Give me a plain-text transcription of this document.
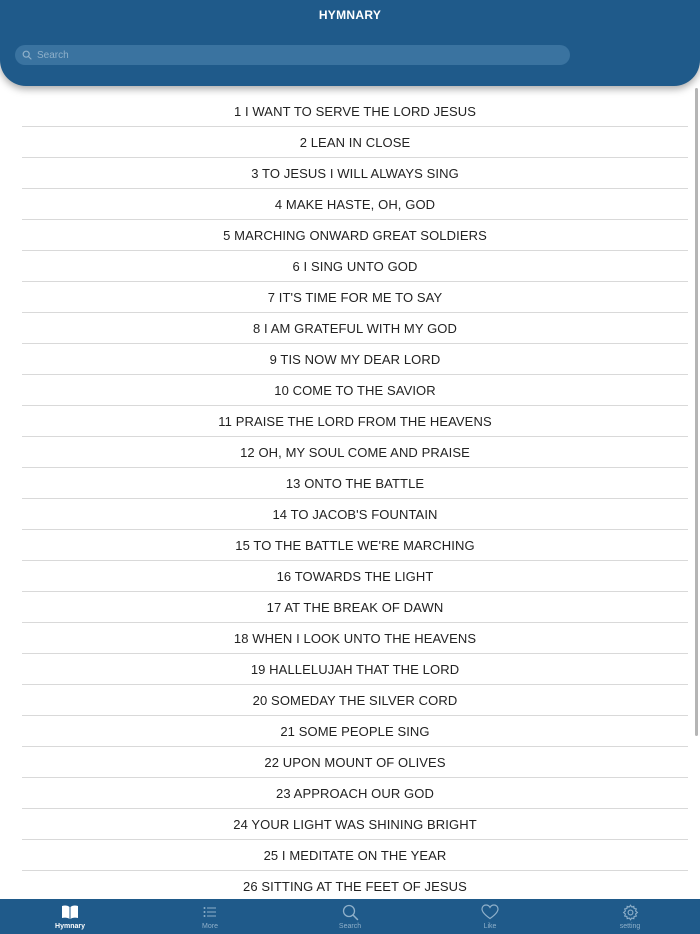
HYMNARY
Search
1 I WANT TO SERVE THE LORD JESUS
2 LEAN IN CLOSE
3 TO JESUS I WILL ALWAYS SING
4 MAKE HASTE, OH, GOD
5 MARCHING ONWARD GREAT SOLDIERS
6 I SING UNTO GOD
7 IT'S TIME FOR ME TO SAY
8 I AM GRATEFUL WITH MY GOD
9 TIS NOW MY DEAR LORD
10 COME TO THE SAVIOR
11 PRAISE THE LORD FROM THE HEAVENS
12 OH, MY SOUL COME AND PRAISE
13 ONTO THE BATTLE
14 TO JACOB'S FOUNTAIN
15 TO THE BATTLE WE'RE MARCHING
16 TOWARDS THE LIGHT
17 AT THE BREAK OF DAWN
18 WHEN I LOOK UNTO THE HEAVENS
19 HALLELUJAH THAT THE LORD
20 SOMEDAY THE SILVER CORD
21 SOME PEOPLE SING
22 UPON MOUNT OF OLIVES
23 APPROACH OUR GOD
24 YOUR LIGHT WAS SHINING BRIGHT
25 I MEDITATE ON THE YEAR
26 SITTING AT THE FEET OF JESUS
Hymnary	More	Search	Like	setting
